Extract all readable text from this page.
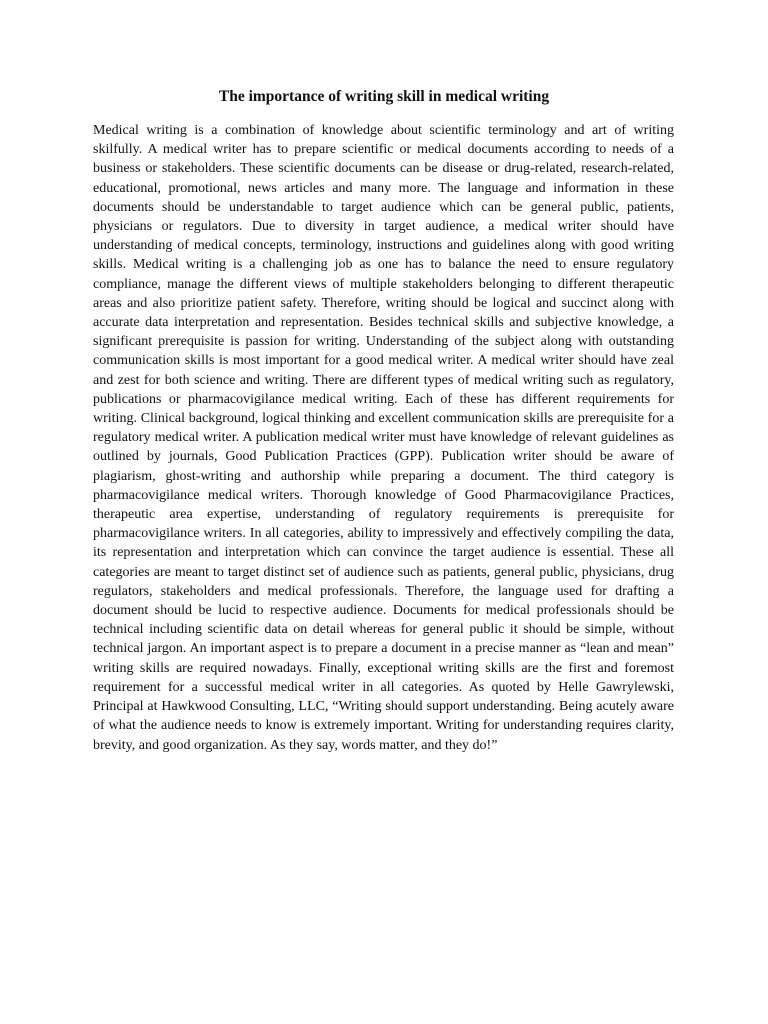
The importance of writing skill in medical writing

Medical writing is a combination of knowledge about scientific terminology and art of writing skilfully. A medical writer has to prepare scientific or medical documents according to needs of a business or stakeholders. These scientific documents can be disease or drug-related, research-related, educational, promotional, news articles and many more. The language and information in these documents should be understandable to target audience which can be general public, patients, physicians or regulators. Due to diversity in target audience, a medical writer should have understanding of medical concepts, terminology, instructions and guidelines along with good writing skills. Medical writing is a challenging job as one has to balance the need to ensure regulatory compliance, manage the different views of multiple stakeholders belonging to different therapeutic areas and also prioritize patient safety. Therefore, writing should be logical and succinct along with accurate data interpretation and representation. Besides technical skills and subjective knowledge, a significant prerequisite is passion for writing. Understanding of the subject along with outstanding communication skills is most important for a good medical writer. A medical writer should have zeal and zest for both science and writing. There are different types of medical writing such as regulatory, publications or pharmacovigilance medical writing. Each of these has different requirements for writing. Clinical background, logical thinking and excellent communication skills are prerequisite for a regulatory medical writer. A publication medical writer must have knowledge of relevant guidelines as outlined by journals, Good Publication Practices (GPP). Publication writer should be aware of plagiarism, ghost-writing and authorship while preparing a document. The third category is pharmacovigilance medical writers. Thorough knowledge of Good Pharmacovigilance Practices, therapeutic area expertise, understanding of regulatory requirements is prerequisite for pharmacovigilance writers. In all categories, ability to impressively and effectively compiling the data, its representation and interpretation which can convince the target audience is essential. These all categories are meant to target distinct set of audience such as patients, general public, physicians, drug regulators, stakeholders and medical professionals. Therefore, the language used for drafting a document should be lucid to respective audience. Documents for medical professionals should be technical including scientific data on detail whereas for general public it should be simple, without technical jargon. An important aspect is to prepare a document in a precise manner as “lean and mean” writing skills are required nowadays. Finally, exceptional writing skills are the first and foremost requirement for a successful medical writer in all categories. As quoted by Helle Gawrylewski, Principal at Hawkwood Consulting, LLC, “Writing should support understanding. Being acutely aware of what the audience needs to know is extremely important. Writing for understanding requires clarity, brevity, and good organization. As they say, words matter, and they do!”
